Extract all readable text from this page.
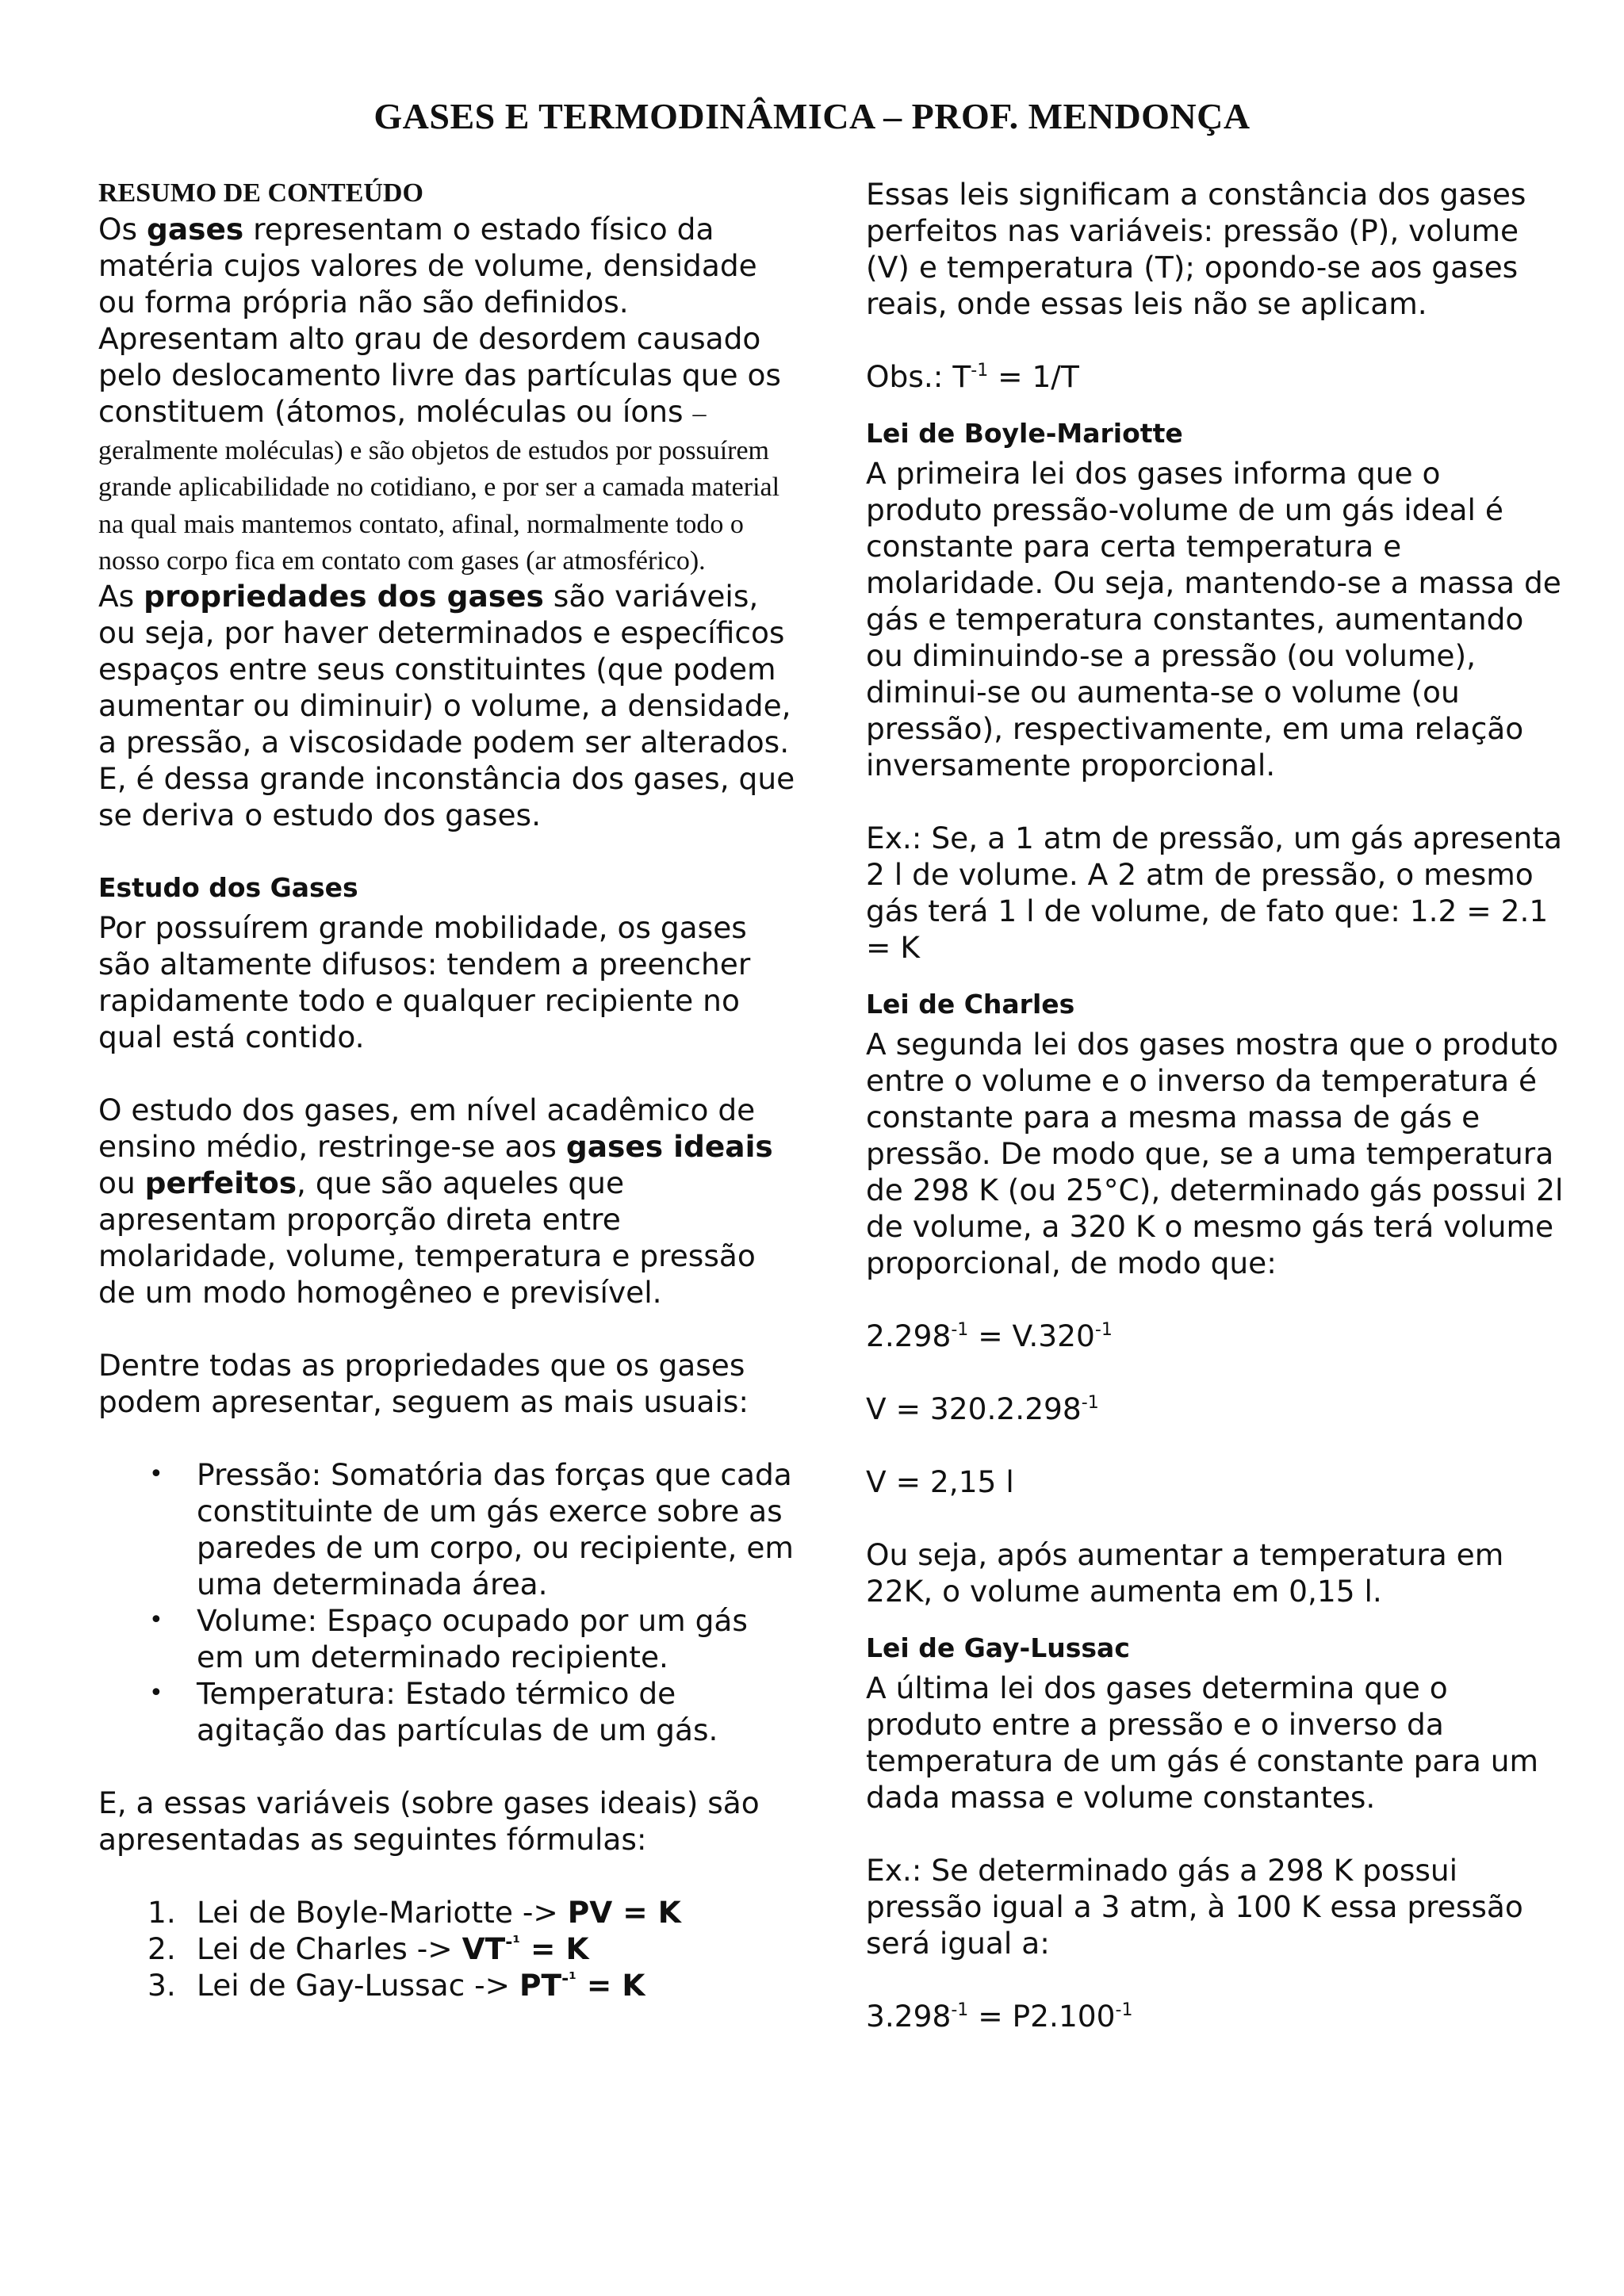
GASES E TERMODINÂMICA – PROF. MENDONÇA

RESUMO DE CONTEÚDO

Os gases representam o estado físico da matéria cujos valores de volume, densidade ou forma própria não são definidos. Apresentam alto grau de desordem causado pelo deslocamento livre das partículas que os constituem (átomos, moléculas ou íons – geralmente moléculas) e são objetos de estudos por possuírem grande aplicabilidade no cotidiano, e por ser a camada material na qual mais mantemos contato, afinal, normalmente todo o nosso corpo fica em contato com gases (ar atmosférico).

As propriedades dos gases são variáveis, ou seja, por haver determinados e específicos espaços entre seus constituintes (que podem aumentar ou diminuir) o volume, a densidade, a pressão, a viscosidade podem ser alterados. E, é dessa grande inconstância dos gases, que se deriva o estudo dos gases.

Estudo dos Gases

Por possuírem grande mobilidade, os gases são altamente difusos: tendem a preencher rapidamente todo e qualquer recipiente no qual está contido.

O estudo dos gases, em nível acadêmico de ensino médio, restringe-se aos gases ideais ou perfeitos, que são aqueles que apresentam proporção direta entre molaridade, volume, temperatura e pressão de um modo homogêneo e previsível.

Dentre todas as propriedades que os gases podem apresentar, seguem as mais usuais:

• Pressão: Somatória das forças que cada constituinte de um gás exerce sobre as paredes de um corpo, ou recipiente, em uma determinada área.
• Volume: Espaço ocupado por um gás em um determinado recipiente.
• Temperatura: Estado térmico de agitação das partículas de um gás.

E, a essas variáveis (sobre gases ideais) são apresentadas as seguintes fórmulas:

1. Lei de Boyle-Mariotte -> PV = K
2. Lei de Charles -> $VT^{-^1} = K$
3. Lei de Gay-Lussac -> $PT^{-^1} = K$

Essas leis significam a constância dos gases perfeitos nas variáveis: pressão (P), volume (V) e temperatura (T); opondo-se aos gases reais, onde essas leis não se aplicam.

Obs.: $T^{-1} = 1/T$

Lei de Boyle-Mariotte

A primeira lei dos gases informa que o produto pressão-volume de um gás ideal é constante para certa temperatura e molaridade. Ou seja, mantendo-se a massa de gás e temperatura constantes, aumentando ou diminuindo-se a pressão (ou volume), diminui-se ou aumenta-se o volume (ou pressão), respectivamente, em uma relação inversamente proporcional.

Ex.: Se, a 1 atm de pressão, um gás apresenta 2 l de volume. A 2 atm de pressão, o mesmo gás terá 1 l de volume, de fato que: 1.2 = 2.1 = K

Lei de Charles

A segunda lei dos gases mostra que o produto entre o volume e o inverso da temperatura é constante para a mesma massa de gás e pressão. De modo que, se a uma temperatura de 298 K (ou 25°C), determinado gás possui 2l de volume, a 320 K o mesmo gás terá volume proporcional, de modo que:

$2.298^{-1} = V.320^{-1}$

$V = 320.2.298^{-1}$

V = 2,15 l

Ou seja, após aumentar a temperatura em 22K, o volume aumenta em 0,15 l.

Lei de Gay-Lussac

A última lei dos gases determina que o produto entre a pressão e o inverso da temperatura de um gás é constante para um dada massa e volume constantes.

Ex.: Se determinado gás a 298 K possui pressão igual a 3 atm, à 100 K essa pressão será igual a:

$3.298^{-1} = P2.100^{-1}$
